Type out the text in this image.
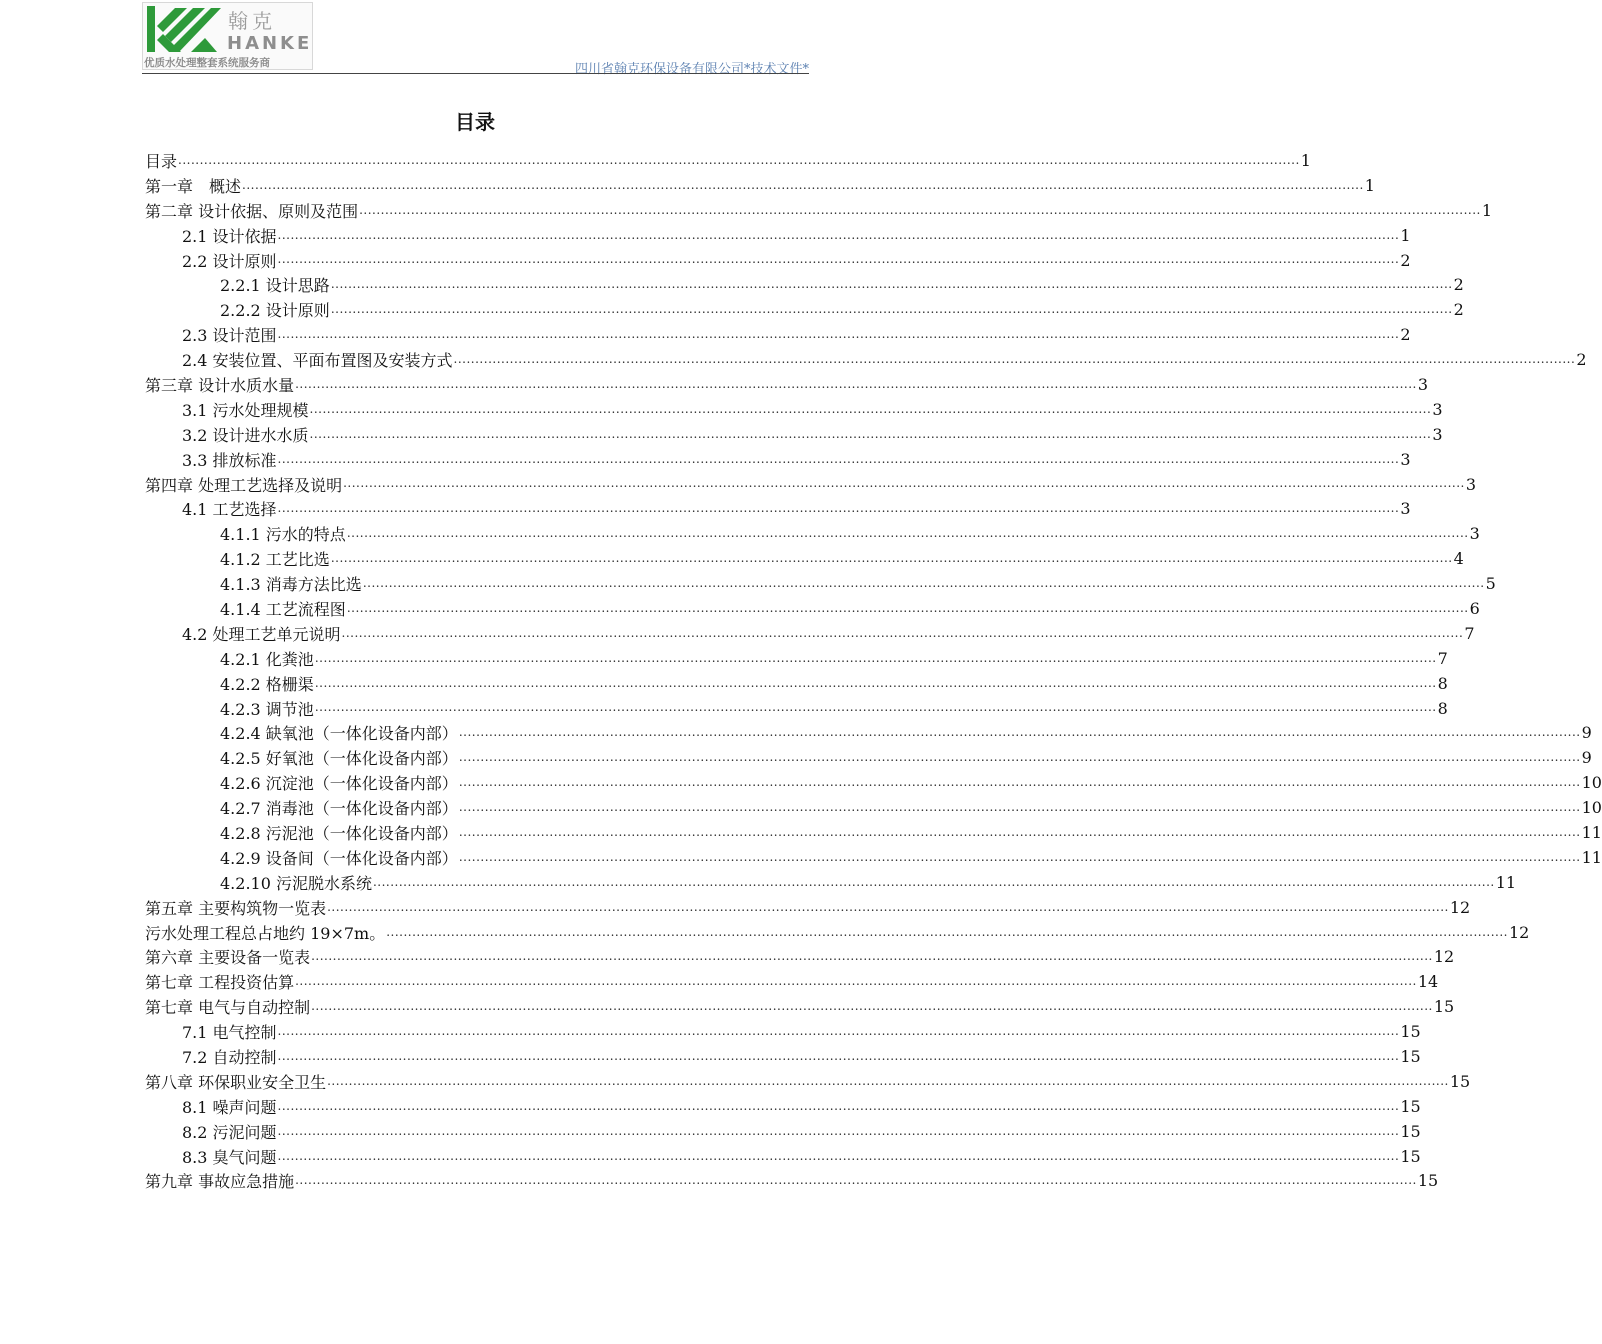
翰克
HANKE
优质水处理整套系统服务商	四川省翰克环保设备有限公司*技术文件*
目录
目录 .................................................................................................................................................................................................................................................................... 1
第一章　概述 .................................................................................................................................................................................................................................................................... 1
第二章 设计依据、原则及范围 .................................................................................................................................................................................................................................................................... 1
2.1 设计依据 .................................................................................................................................................................................................................................................................... 1
2.2 设计原则 .................................................................................................................................................................................................................................................................... 2
2.2.1 设计思路 .................................................................................................................................................................................................................................................................... 2
2.2.2 设计原则 .................................................................................................................................................................................................................................................................... 2
2.3 设计范围 .................................................................................................................................................................................................................................................................... 2
2.4 安装位置、平面布置图及安装方式 .................................................................................................................................................................................................................................................................... 2
第三章 设计水质水量 .................................................................................................................................................................................................................................................................... 3
3.1 污水处理规模 .................................................................................................................................................................................................................................................................... 3
3.2 设计进水水质 .................................................................................................................................................................................................................................................................... 3
3.3 排放标准 .................................................................................................................................................................................................................................................................... 3
第四章 处理工艺选择及说明 .................................................................................................................................................................................................................................................................... 3
4.1 工艺选择 .................................................................................................................................................................................................................................................................... 3
4.1.1 污水的特点 .................................................................................................................................................................................................................................................................... 3
4.1.2 工艺比选 .................................................................................................................................................................................................................................................................... 4
4.1.3 消毒方法比选 .................................................................................................................................................................................................................................................................... 5
4.1.4 工艺流程图 .................................................................................................................................................................................................................................................................... 6
4.2 处理工艺单元说明 .................................................................................................................................................................................................................................................................... 7
4.2.1 化粪池 .................................................................................................................................................................................................................................................................... 7
4.2.2 格栅渠 .................................................................................................................................................................................................................................................................... 8
4.2.3 调节池 .................................................................................................................................................................................................................................................................... 8
4.2.4 缺氧池（一体化设备内部） .................................................................................................................................................................................................................................................................... 9
4.2.5 好氧池（一体化设备内部） .................................................................................................................................................................................................................................................................... 9
4.2.6 沉淀池（一体化设备内部） .................................................................................................................................................................................................................................................................... 10
4.2.7 消毒池（一体化设备内部） .................................................................................................................................................................................................................................................................... 10
4.2.8 污泥池（一体化设备内部） .................................................................................................................................................................................................................................................................... 11
4.2.9 设备间（一体化设备内部） .................................................................................................................................................................................................................................................................... 11
4.2.10 污泥脱水系统 .................................................................................................................................................................................................................................................................... 11
第五章 主要构筑物一览表 .................................................................................................................................................................................................................................................................... 12
污水处理工程总占地约 19×7m。 .................................................................................................................................................................................................................................................................... 12
第六章 主要设备一览表 .................................................................................................................................................................................................................................................................... 12
第七章 工程投资估算 .................................................................................................................................................................................................................................................................... 14
第七章 电气与自动控制 .................................................................................................................................................................................................................................................................... 15
7.1 电气控制 .................................................................................................................................................................................................................................................................... 15
7.2 自动控制 .................................................................................................................................................................................................................................................................... 15
第八章 环保职业安全卫生 .................................................................................................................................................................................................................................................................... 15
8.1 噪声问题 .................................................................................................................................................................................................................................................................... 15
8.2 污泥问题 .................................................................................................................................................................................................................................................................... 15
8.3 臭气问题 .................................................................................................................................................................................................................................................................... 15
第九章 事故应急措施 .................................................................................................................................................................................................................................................................... 15
